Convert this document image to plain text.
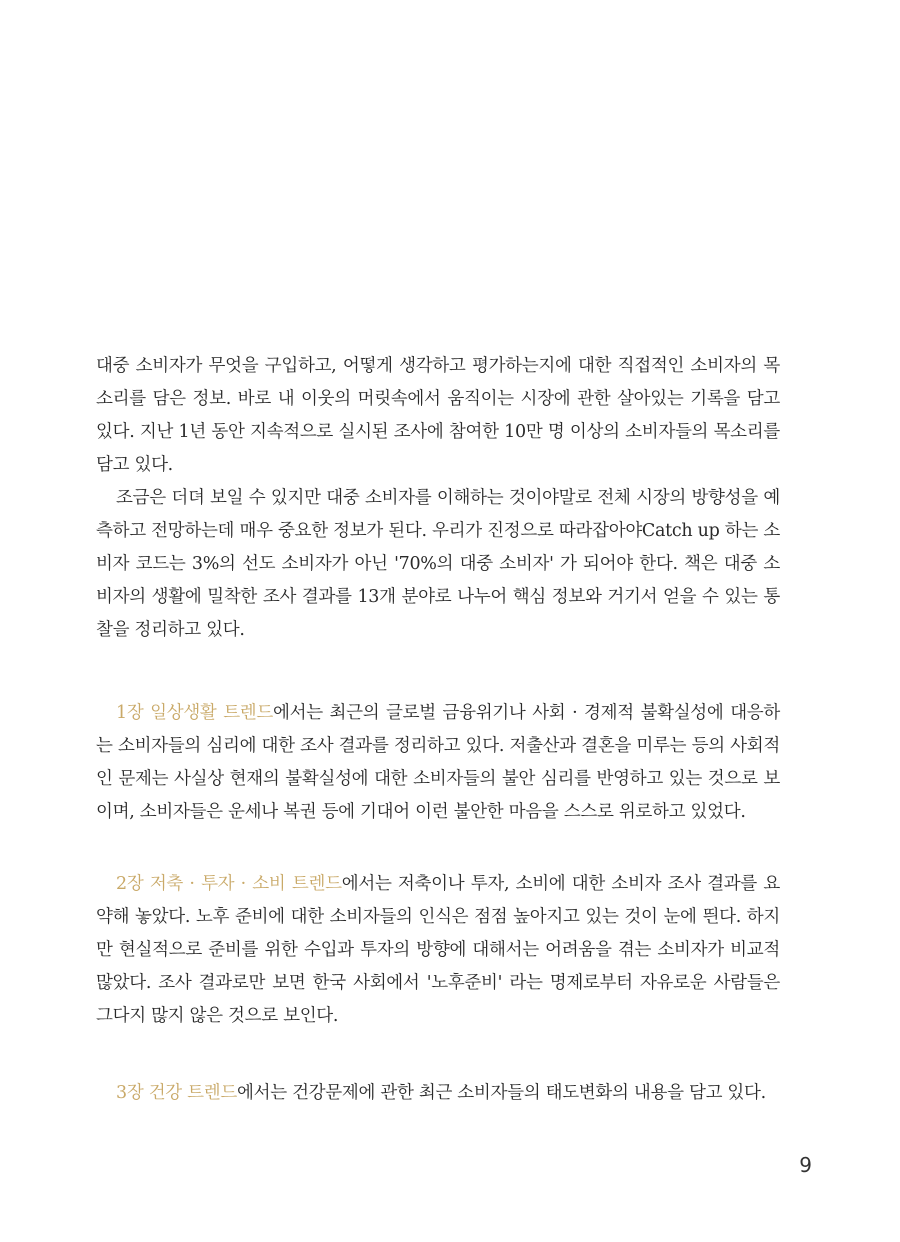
대중 소비자가 무엇을 구입하고, 어떻게 생각하고 평가하는지에 대한 직접적인 소비자의 목소리를 담은 정보. 바로 내 이웃의 머릿속에서 움직이는 시장에 관한 살아있는 기록을 담고 있다. 지난 1년 동안 지속적으로 실시된 조사에 참여한 10만 명 이상의 소비자들의 목소리를 담고 있다.

조금은 더뎌 보일 수 있지만 대중 소비자를 이해하는 것이야말로 전체 시장의 방향성을 예측하고 전망하는데 매우 중요한 정보가 된다. 우리가 진정으로 따라잡아야Catch up 하는 소비자 코드는 3%의 선도 소비자가 아닌 '70%의 대중 소비자' 가 되어야 한다. 책은 대중 소비자의 생활에 밀착한 조사 결과를 13개 분야로 나누어 핵심 정보와 거기서 얻을 수 있는 통찰을 정리하고 있다.

1장 일상생활 트렌드에서는 최근의 글로벌 금융위기나 사회 · 경제적 불확실성에 대응하는 소비자들의 심리에 대한 조사 결과를 정리하고 있다. 저출산과 결혼을 미루는 등의 사회적인 문제는 사실상 현재의 불확실성에 대한 소비자들의 불안 심리를 반영하고 있는 것으로 보이며, 소비자들은 운세나 복권 등에 기대어 이런 불안한 마음을 스스로 위로하고 있었다.

2장 저축 · 투자 · 소비 트렌드에서는 저축이나 투자, 소비에 대한 소비자 조사 결과를 요약해 놓았다. 노후 준비에 대한 소비자들의 인식은 점점 높아지고 있는 것이 눈에 띈다. 하지만 현실적으로 준비를 위한 수입과 투자의 방향에 대해서는 어려움을 겪는 소비자가 비교적 많았다. 조사 결과로만 보면 한국 사회에서 '노후준비' 라는 명제로부터 자유로운 사람들은 그다지 많지 않은 것으로 보인다.

3장 건강 트렌드에서는 건강문제에 관한 최근 소비자들의 태도변화의 내용을 담고 있다.

9
